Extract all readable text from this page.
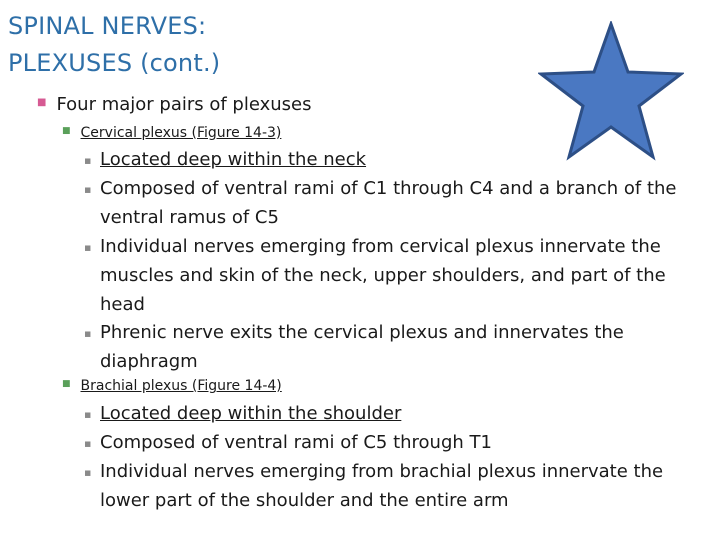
SPINAL NERVES:
PLEXUSES (cont.)
■ Four major pairs of plexuses
■ Cervical plexus (Figure 14-3)
▪ Located deep within the neck
▪ Composed of ventral rami of C1 through C4 and a branch of the ventral ramus of C5
▪ Individual nerves emerging from cervical plexus innervate the muscles and skin of the neck, upper shoulders, and part of the head
▪ Phrenic nerve exits the cervical plexus and innervates the diaphragm
■ Brachial plexus (Figure 14-4)
▪ Located deep within the shoulder
▪ Composed of ventral rami of C5 through T1
▪ Individual nerves emerging from brachial plexus innervate the lower part of the shoulder and the entire arm
